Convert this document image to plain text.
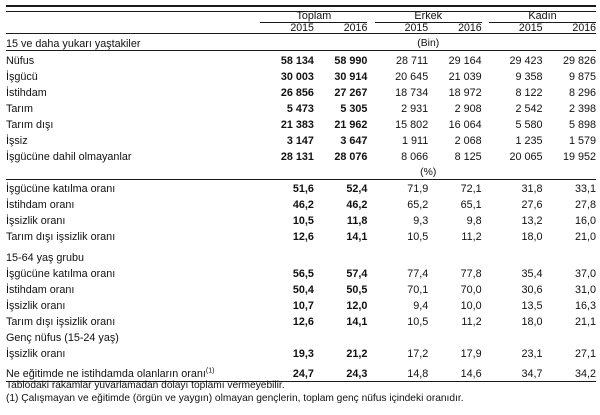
	Toplam			Erkek			Kadın	
	2015	2016		2015	2016		2015	2016

15 ve daha yukarı yaştakiler	(Bin)							

Nüfus	58 134	58 990		28 711	29 164		29 423	29 826
İşgücü	30 003	30 914		20 645	21 039		9 358	9 875
İstihdam	26 856	27 267		18 734	18 972		8 122	8 296
Tarım	5 473	5 305		2 931	2 908		2 542	2 398
Tarım dışı	21 383	21 962		15 802	16 064		5 580	5 898
İşsiz	3 147	3 647		1 911	2 068		1 235	1 579
İşgücüne dahil olmayanlar	28 131	28 076		8 066	8 125		20 065	19 952

	(%)							

İşgücüne katılma oranı	51,6	52,4		71,9	72,1		31,8	33,1
İstihdam oranı	46,2	46,2		65,2	65,1		27,6	27,8
İşsizlik oranı	10,5	11,8		9,3	9,8		13,2	16,0
Tarım dışı işsizlik oranı	12,6	14,1		10,5	11,2		18,0	21,0

15-64 yaş grubu								
İşgücüne katılma oranı	56,5	57,4		77,4	77,8		35,4	37,0
İstihdam oranı	50,4	50,5		70,1	70,0		30,6	31,0
İşsizlik oranı	10,7	12,0		9,4	10,0		13,5	16,3
Tarım dışı işsizlik oranı	12,6	14,1		10,5	11,2		18,0	21,1
Genç nüfus (15-24 yaş)								
İşsizlik oranı	19,3	21,2		17,2	17,9		23,1	27,1

Ne eğitimde ne istihdamda olanların oranı$^{(1)}$	24,7	24,3		14,8	14,6		34,7	34,2

Tablodaki rakamlar yuvarlamadan dolayı toplamı vermeyebilir.
(1) Çalışmayan ve eğitimde (örgün ve yaygın) olmayan gençlerin, toplam genç nüfus içindeki oranıdır.
